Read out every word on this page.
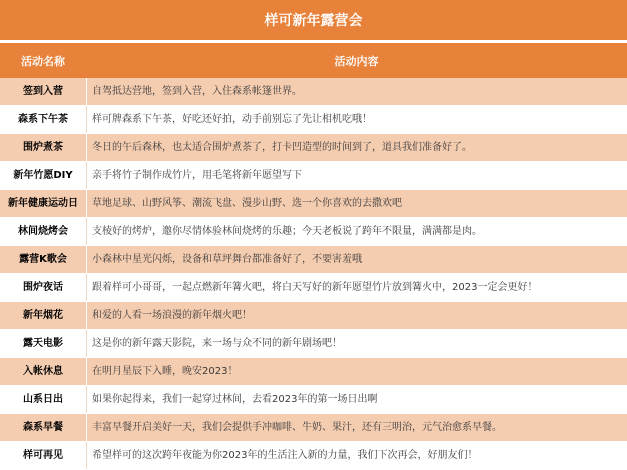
样可新年露营会
活动名称	活动内容
签到入营	自驾抵达营地，签到入营，入住森系帐篷世界。
森系下午茶	样可牌森系下午茶，好吃还好拍，动手前别忘了先让相机吃哦！
围炉煮茶	冬日的午后森林，也太适合围炉煮茶了，打卡凹造型的时间到了，道具我们准备好了。
新年竹愿DIY	亲手将竹子制作成竹片，用毛笔将新年愿望写下
新年健康运动日	草地足球、山野风筝、潮流飞盘、漫步山野、选一个你喜欢的去撒欢吧
林间烧烤会	支棱好的烤炉，邀你尽情体验林间烧烤的乐趣；今天老板说了跨年不限量，满满都是肉。
露营K歌会	小森林中星光闪烁，设备和草坪舞台都准备好了，不要害羞哦
围炉夜话	跟着样可小哥哥，一起点燃新年篝火吧，将白天写好的新年愿望竹片放到篝火中，2023一定会更好！
新年烟花	和爱的人看一场浪漫的新年烟火吧！
露天电影	这是你的新年露天影院，来一场与众不同的新年剧场吧！
入帐休息	在明月星辰下入睡，晚安2023！
山系日出	如果你起得来，我们一起穿过林间，去看2023年的第一场日出啊
森系早餐	丰富早餐开启美好一天，我们会提供手冲咖啡、牛奶、果汁，还有三明治，元气治愈系早餐。
样可再见	希望样可的这次跨年夜能为你2023年的生活注入新的力量，我们下次再会，好朋友们！
